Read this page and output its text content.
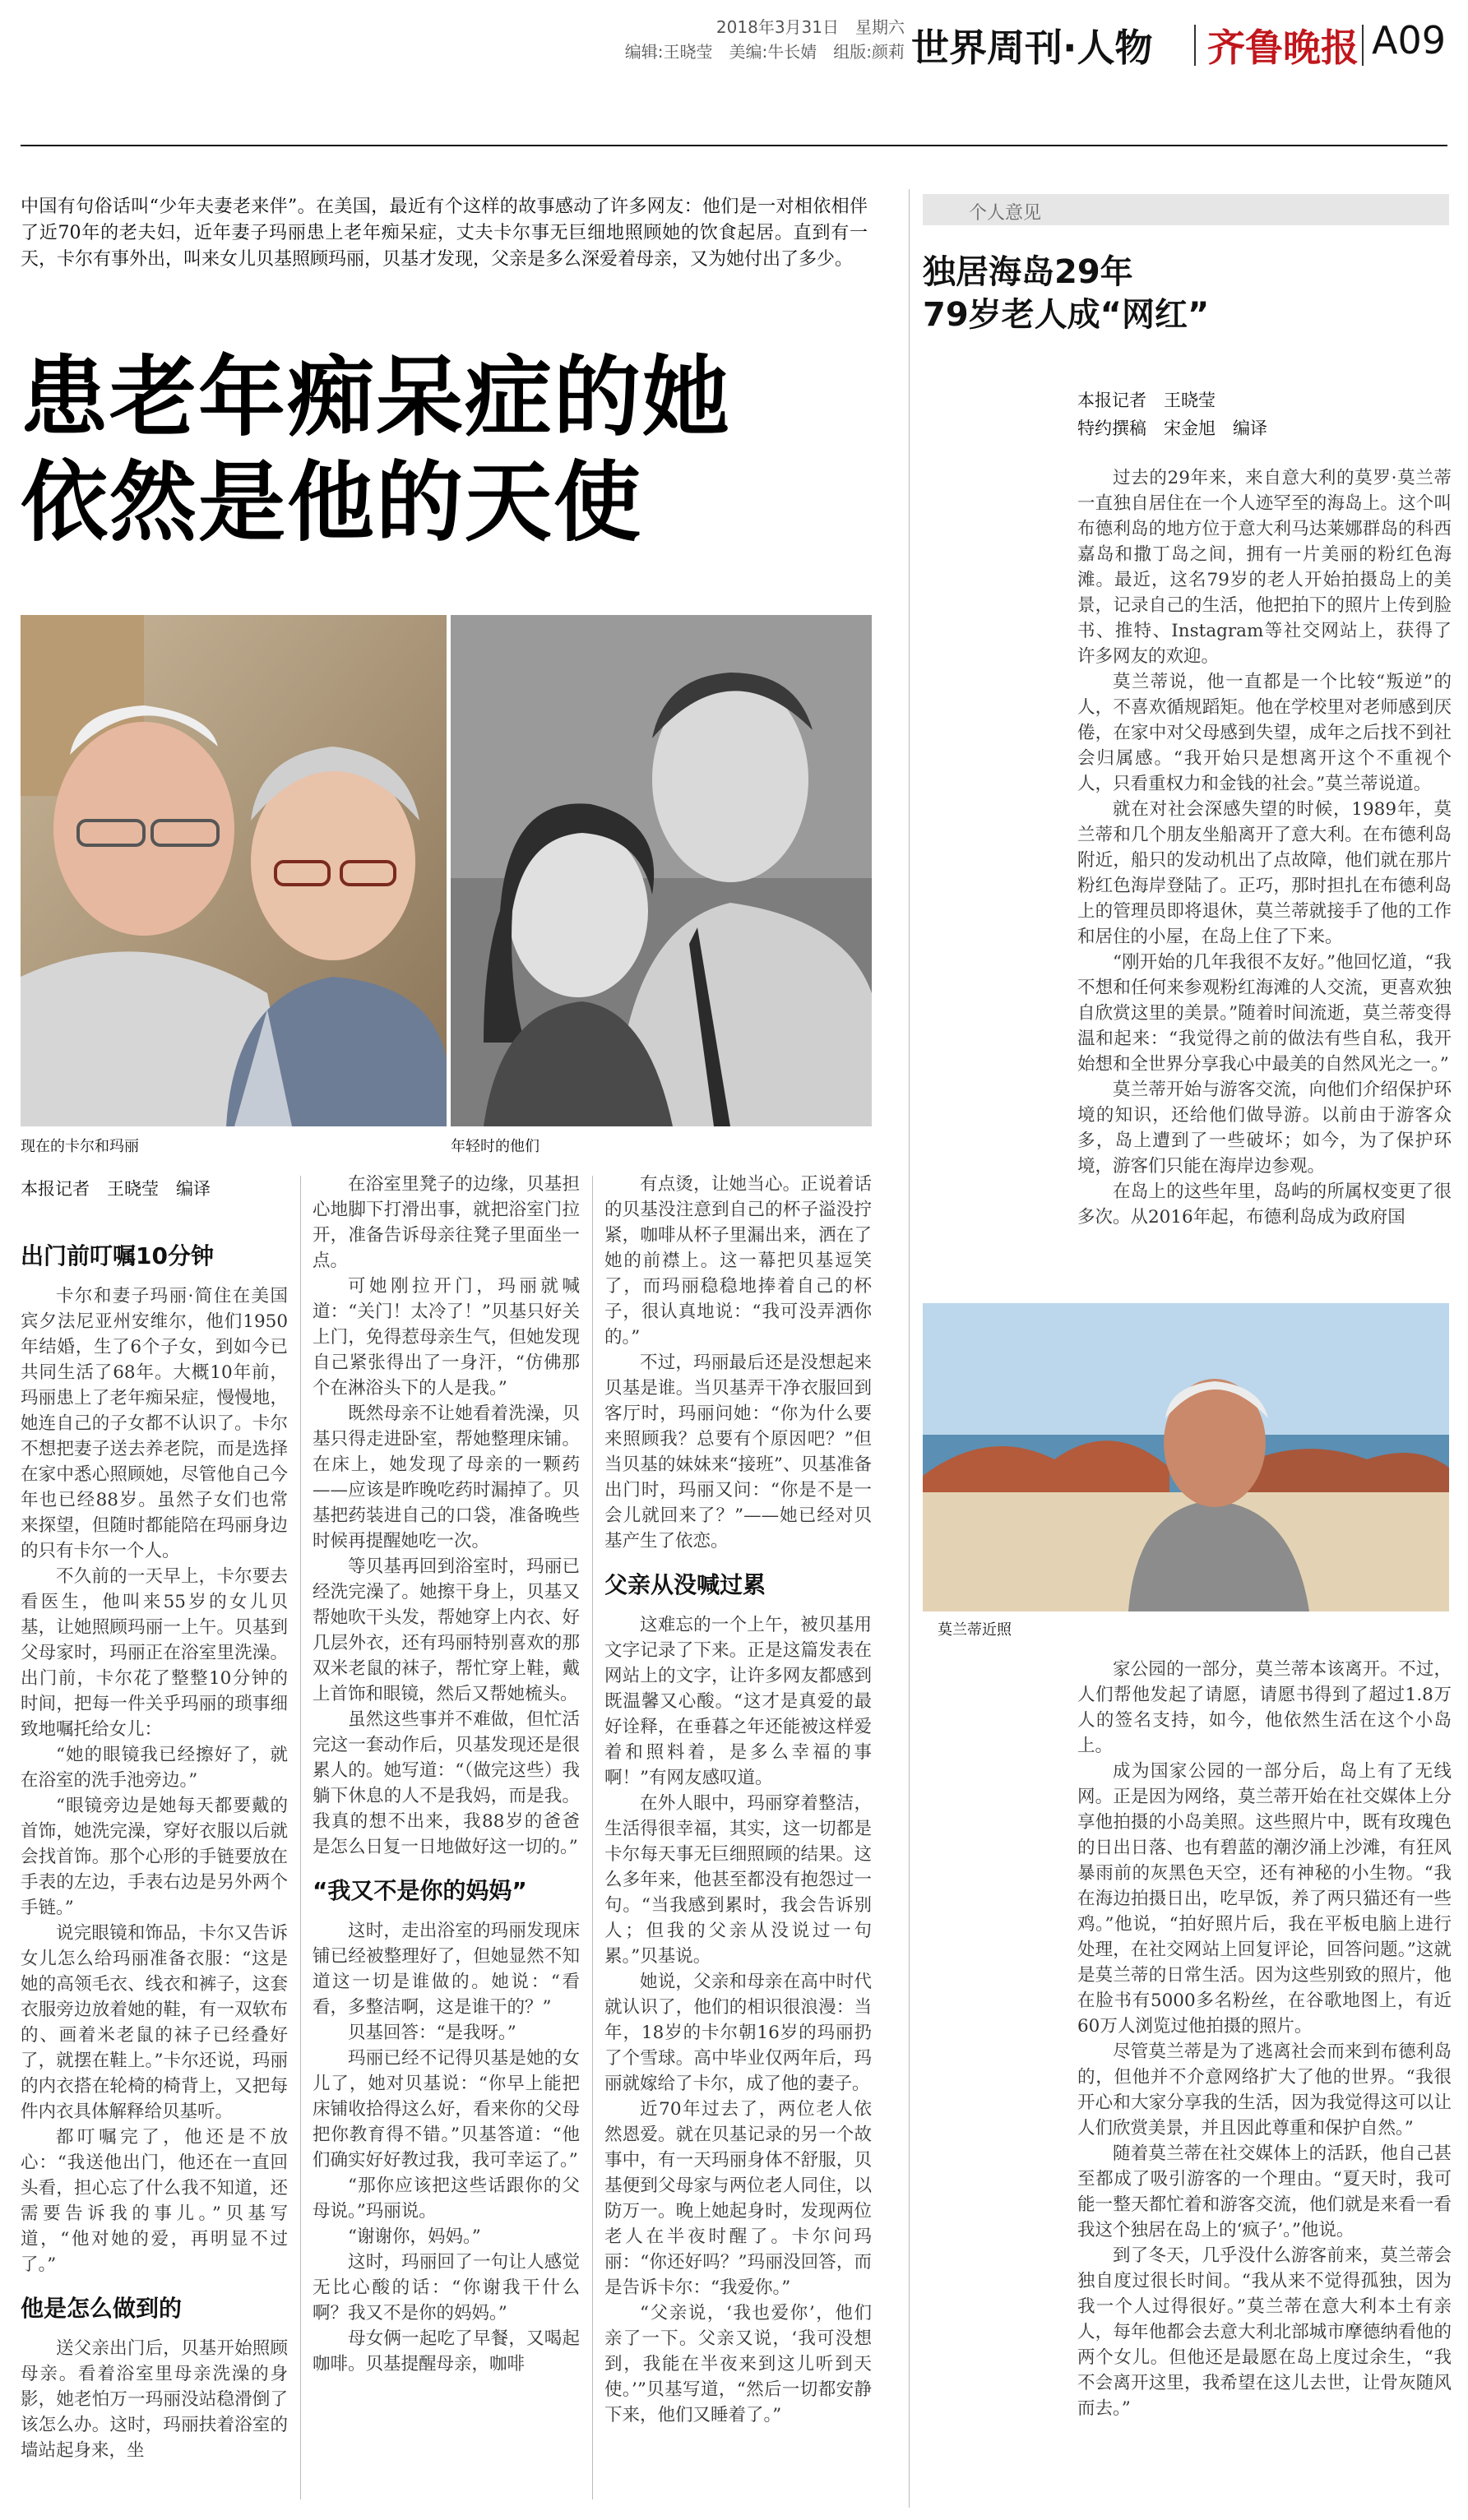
2018年3月31日　星期六
编辑:王晓莹　美编:牛长婧　组版:颜莉 世界周刊·人物 齐鲁晚报 A09
中国有句俗话叫“少年夫妻老来伴”。在美国，最近有个这样的故事感动了许多网友：他们是一对相依相伴了近70年的老夫妇，近年妻子玛丽患上老年痴呆症，丈夫卡尔事无巨细地照顾她的饮食起居。直到有一天，卡尔有事外出，叫来女儿贝基照顾玛丽，贝基才发现，父亲是多么深爱着母亲，又为她付出了多少。
患老年痴呆症的她
依然是他的天使
现在的卡尔和玛丽	年轻时的他们
本报记者　王晓莹　编译
出门前叮嘱10分钟

卡尔和妻子玛丽·简住在美国宾夕法尼亚州安维尔，他们1950年结婚，生了6个子女，到如今已共同生活了68年。大概10年前，玛丽患上了老年痴呆症，慢慢地，她连自己的子女都不认识了。卡尔不想把妻子送去养老院，而是选择在家中悉心照顾她，尽管他自己今年也已经88岁。虽然子女们也常来探望，但随时都能陪在玛丽身边的只有卡尔一个人。

不久前的一天早上，卡尔要去看医生，他叫来55岁的女儿贝基，让她照顾玛丽一上午。贝基到父母家时，玛丽正在浴室里洗澡。出门前，卡尔花了整整10分钟的时间，把每一件关乎玛丽的琐事细致地嘱托给女儿：

“她的眼镜我已经擦好了，就在浴室的洗手池旁边。”

“眼镜旁边是她每天都要戴的首饰，她洗完澡，穿好衣服以后就会找首饰。那个心形的手链要放在手表的左边，手表右边是另外两个手链。”

说完眼镜和饰品，卡尔又告诉女儿怎么给玛丽准备衣服：“这是她的高领毛衣、线衣和裤子，这套衣服旁边放着她的鞋，有一双软布的、画着米老鼠的袜子已经叠好了，就摆在鞋上。”卡尔还说，玛丽的内衣搭在轮椅的椅背上，又把每件内衣具体解释给贝基听。

都叮嘱完了，他还是不放心：“我送他出门，他还在一直回头看，担心忘了什么我不知道，还需要告诉我的事儿。”贝基写道，“他对她的爱，再明显不过了。”

他是怎么做到的

送父亲出门后，贝基开始照顾母亲。看着浴室里母亲洗澡的身影，她老怕万一玛丽没站稳滑倒了该怎么办。这时，玛丽扶着浴室的墙站起身来，坐

在浴室里凳子的边缘，贝基担心地脚下打滑出事，就把浴室门拉开，准备告诉母亲往凳子里面坐一点。

可她刚拉开门，玛丽就喊道：“关门！太冷了！”贝基只好关上门，免得惹母亲生气，但她发现自己紧张得出了一身汗，“仿佛那个在淋浴头下的人是我。”

既然母亲不让她看着洗澡，贝基只得走进卧室，帮她整理床铺。在床上，她发现了母亲的一颗药——应该是昨晚吃药时漏掉了。贝基把药装进自己的口袋，准备晚些时候再提醒她吃一次。

等贝基再回到浴室时，玛丽已经洗完澡了。她擦干身上，贝基又帮她吹干头发，帮她穿上内衣、好几层外衣，还有玛丽特别喜欢的那双米老鼠的袜子，帮忙穿上鞋，戴上首饰和眼镜，然后又帮她梳头。

虽然这些事并不难做，但忙活完这一套动作后，贝基发现还是很累人的。她写道：“（做完这些）我躺下休息的人不是我妈，而是我。我真的想不出来，我88岁的爸爸是怎么日复一日地做好这一切的。”

“我又不是你的妈妈”

这时，走出浴室的玛丽发现床铺已经被整理好了，但她显然不知道这一切是谁做的。她说：“看看，多整洁啊，这是谁干的？”

贝基回答：“是我呀。”

玛丽已经不记得贝基是她的女儿了，她对贝基说：“你早上能把床铺收拾得这么好，看来你的父母把你教育得不错。”贝基答道：“他们确实好好教过我，我可幸运了。”

“那你应该把这些话跟你的父母说。”玛丽说。

“谢谢你，妈妈。”

这时，玛丽回了一句让人感觉无比心酸的话：“你谢我干什么啊？我又不是你的妈妈。”

母女俩一起吃了早餐，又喝起咖啡。贝基提醒母亲，咖啡

有点烫，让她当心。正说着话的贝基没注意到自己的杯子溢没拧紧，咖啡从杯子里漏出来，洒在了她的前襟上。这一幕把贝基逗笑了，而玛丽稳稳地捧着自己的杯子，很认真地说：“我可没弄洒你的。”

不过，玛丽最后还是没想起来贝基是谁。当贝基弄干净衣服回到客厅时，玛丽问她：“你为什么要来照顾我？总要有个原因吧？”但当贝基的妹妹来“接班”、贝基准备出门时，玛丽又问：“你是不是一会儿就回来了？”——她已经对贝基产生了依恋。

父亲从没喊过累

这难忘的一个上午，被贝基用文字记录了下来。正是这篇发表在网站上的文字，让许多网友都感到既温馨又心酸。“这才是真爱的最好诠释，在垂暮之年还能被这样爱着和照料着，是多么幸福的事啊！”有网友感叹道。

在外人眼中，玛丽穿着整洁，生活得很幸福，其实，这一切都是卡尔每天事无巨细照顾的结果。这么多年来，他甚至都没有抱怨过一句。“当我感到累时，我会告诉别人；但我的父亲从没说过一句累。”贝基说。

她说，父亲和母亲在高中时代就认识了，他们的相识很浪漫：当年，18岁的卡尔朝16岁的玛丽扔了个雪球。高中毕业仅两年后，玛丽就嫁给了卡尔，成了他的妻子。

近70年过去了，两位老人依然恩爱。就在贝基记录的另一个故事中，有一天玛丽身体不舒服，贝基便到父母家与两位老人同住，以防万一。晚上她起身时，发现两位老人在半夜时醒了。卡尔问玛丽：“你还好吗？”玛丽没回答，而是告诉卡尔：“我爱你。”

“父亲说，‘我也爱你’，他们亲了一下。父亲又说，‘我可没想到，我能在半夜来到这儿听到天使。’”贝基写道，“然后一切都安静下来，他们又睡着了。”

个人意见
独居海岛29年
79岁老人成“网红”
本报记者　王晓莹
特约撰稿　宋金旭　编译

过去的29年来，来自意大利的莫罗·莫兰蒂一直独自居住在一个人迹罕至的海岛上。这个叫布德利岛的地方位于意大利马达莱娜群岛的科西嘉岛和撒丁岛之间，拥有一片美丽的粉红色海滩。最近，这名79岁的老人开始拍摄岛上的美景，记录自己的生活，他把拍下的照片上传到脸书、推特、Instagram等社交网站上，获得了许多网友的欢迎。

莫兰蒂说，他一直都是一个比较“叛逆”的人，不喜欢循规蹈矩。他在学校里对老师感到厌倦，在家中对父母感到失望，成年之后找不到社会归属感。“我开始只是想离开这个不重视个人，只看重权力和金钱的社会。”莫兰蒂说道。

就在对社会深感失望的时候，1989年，莫兰蒂和几个朋友坐船离开了意大利。在布德利岛附近，船只的发动机出了点故障，他们就在那片粉红色海岸登陆了。正巧，那时担扎在布德利岛上的管理员即将退休，莫兰蒂就接手了他的工作和居住的小屋，在岛上住了下来。

“刚开始的几年我很不友好。”他回忆道，“我不想和任何来参观粉红海滩的人交流，更喜欢独自欣赏这里的美景。”随着时间流逝，莫兰蒂变得温和起来：“我觉得之前的做法有些自私，我开始想和全世界分享我心中最美的自然风光之一。”

莫兰蒂开始与游客交流，向他们介绍保护环境的知识，还给他们做导游。以前由于游客众多，岛上遭到了一些破坏；如今，为了保护环境，游客们只能在海岸边参观。

在岛上的这些年里，岛屿的所属权变更了很多次。从2016年起，布德利岛成为政府国

莫兰蒂近照

家公园的一部分，莫兰蒂本该离开。不过，人们帮他发起了请愿，请愿书得到了超过1.8万人的签名支持，如今，他依然生活在这个小岛上。

成为国家公园的一部分后，岛上有了无线网。正是因为网络，莫兰蒂开始在社交媒体上分享他拍摄的小岛美照。这些照片中，既有玫瑰色的日出日落、也有碧蓝的潮汐涌上沙滩，有狂风暴雨前的灰黑色天空，还有神秘的小生物。“我在海边拍摄日出，吃早饭，养了两只猫还有一些鸡。”他说，“拍好照片后，我在平板电脑上进行处理，在社交网站上回复评论，回答问题。”这就是莫兰蒂的日常生活。因为这些别致的照片，他在脸书有5000多名粉丝，在谷歌地图上，有近60万人浏览过他拍摄的照片。

尽管莫兰蒂是为了逃离社会而来到布德利岛的，但他并不介意网络扩大了他的世界。“我很开心和大家分享我的生活，因为我觉得这可以让人们欣赏美景，并且因此尊重和保护自然。”

随着莫兰蒂在社交媒体上的活跃，他自己甚至都成了吸引游客的一个理由。“夏天时，我可能一整天都忙着和游客交流，他们就是来看一看我这个独居在岛上的‘疯子’。”他说。

到了冬天，几乎没什么游客前来，莫兰蒂会独自度过很长时间。“我从来不觉得孤独，因为我一个人过得很好。”莫兰蒂在意大利本土有亲人，每年他都会去意大利北部城市摩德纳看他的两个女儿。但他还是最愿在岛上度过余生，“我不会离开这里，我希望在这儿去世，让骨灰随风而去。”
